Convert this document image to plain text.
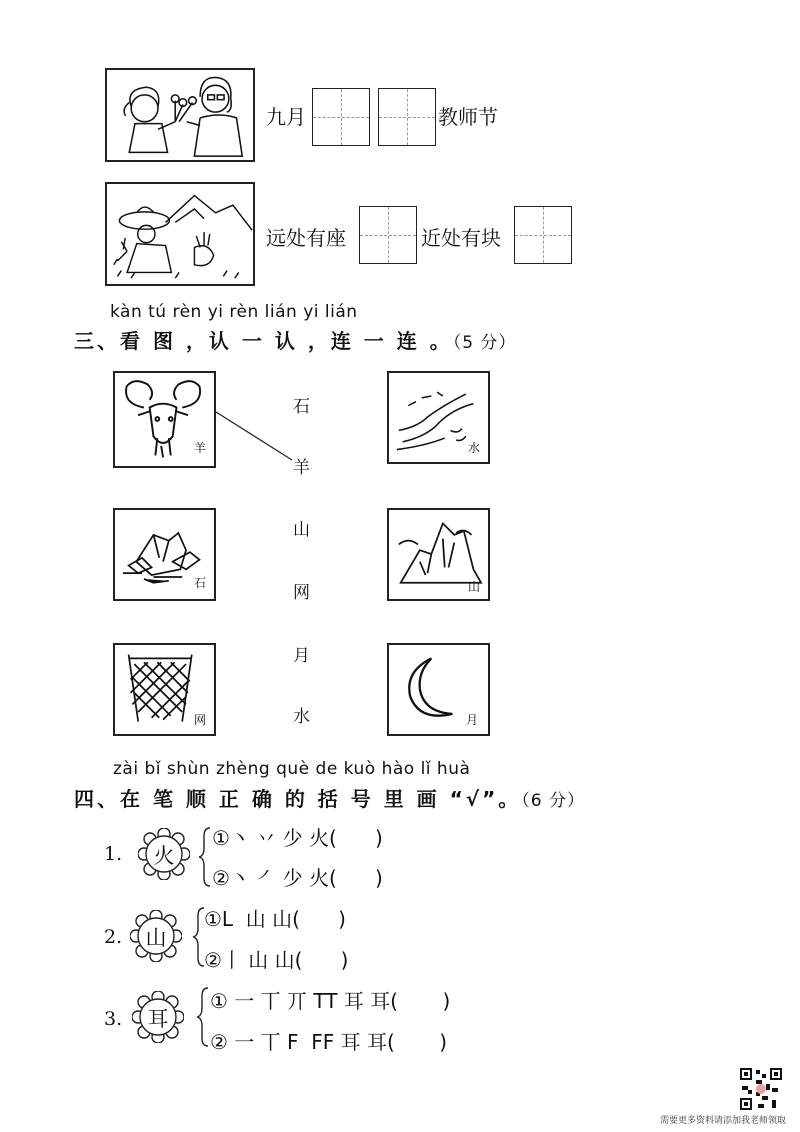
九月	教师节
远处有座	近处有块
kàn tú rèn yi rèn lián yi lián
三、看 图 ，认 一 认 ，连 一 连 。（5 分）
羊
石
网
石
羊
山
网
月
水
水
山
月
zài bǐ shùn zhèng què de kuò hào lǐ huà
四、在 笔 顺 正 确 的 括 号 里 画 “√”。（6 分）
1.	火
①丶 丷 少 火(      )
②丶 ㇒ 少 火(      )
2.	山
①L  山 山(      )
②丨 山 山(      )
3.	耳
① 一 丅 丌 TT 耳 耳(       )
② 一 丅 F  FF 耳 耳(       )
需要更多资料请添加我老师领取
